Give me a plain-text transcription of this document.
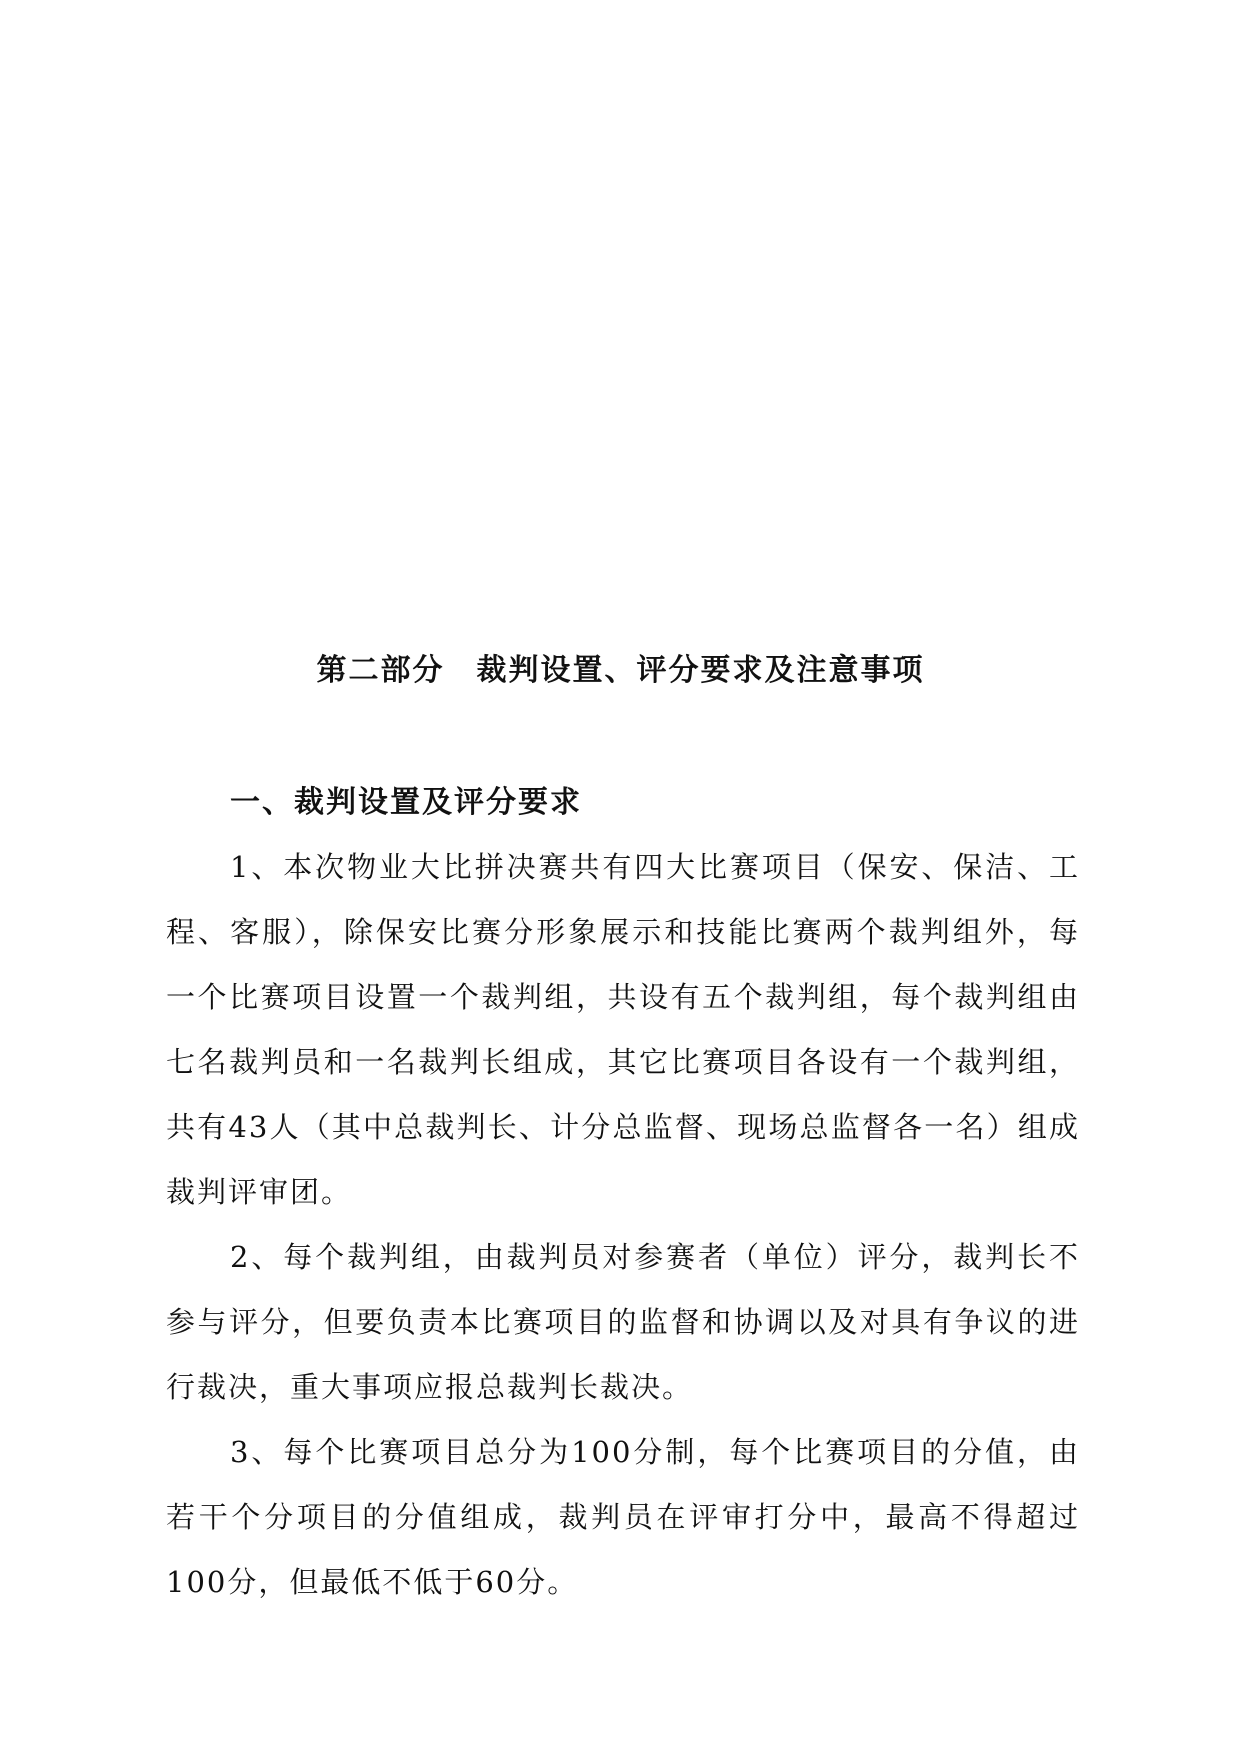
第二部分　裁判设置、评分要求及注意事项
一、裁判设置及评分要求

1、本次物业大比拼决赛共有四大比赛项目（保安、保洁、工程、客服），除保安比赛分形象展示和技能比赛两个裁判组外，每一个比赛项目设置一个裁判组，共设有五个裁判组，每个裁判组由七名裁判员和一名裁判长组成，其它比赛项目各设有一个裁判组，共有43人（其中总裁判长、计分总监督、现场总监督各一名）组成裁判评审团。

2、每个裁判组，由裁判员对参赛者（单位）评分，裁判长不参与评分，但要负责本比赛项目的监督和协调以及对具有争议的进行裁决，重大事项应报总裁判长裁决。

3、每个比赛项目总分为100分制，每个比赛项目的分值，由若干个分项目的分值组成，裁判员在评审打分中，最高不得超过100分，但最低不低于60分。
